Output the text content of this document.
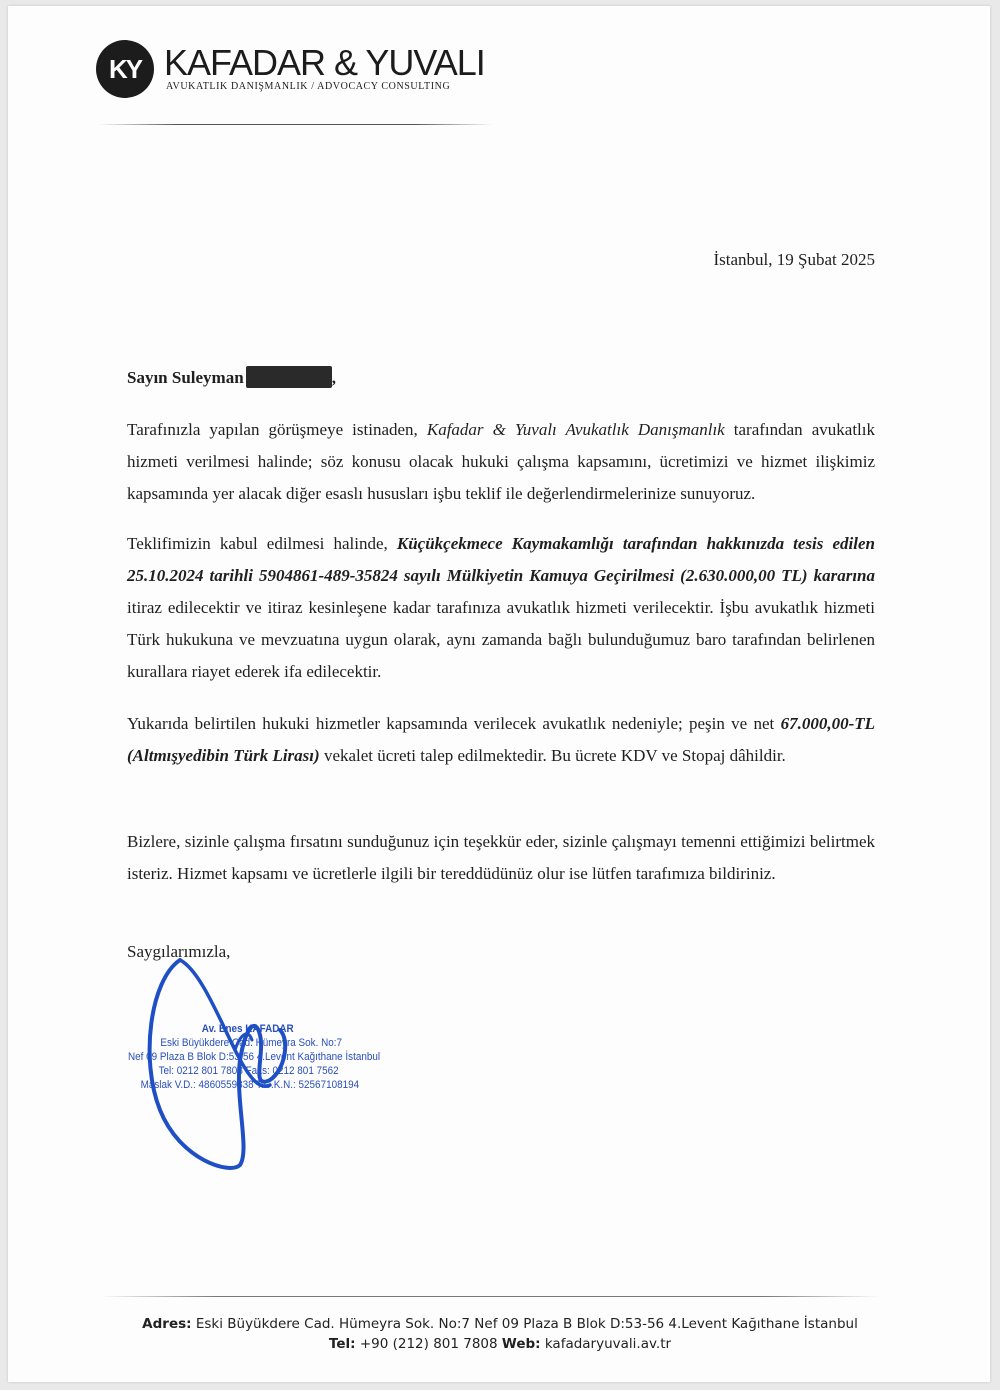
KY KAFADAR & YUVALI
AVUKATLIK DANIŞMANLIK / ADVOCACY CONSULTING
İstanbul, 19 Şubat 2025
Sayın Suleyman	,
Tarafınızla yapılan görüşmeye istinaden, Kafadar & Yuvalı Avukatlık Danışmanlık tarafından avukatlık hizmeti verilmesi halinde; söz konusu olacak hukuki çalışma kapsamını, ücretimizi ve hizmet ilişkimiz kapsamında yer alacak diğer esaslı hususları işbu teklif ile değerlendirmelerinize sunuyoruz.
Teklifimizin kabul edilmesi halinde, Küçükçekmece Kaymakamlığı tarafından hakkınızda tesis edilen 25.10.2024 tarihli 5904861-489-35824 sayılı Mülkiyetin Kamuya Geçirilmesi (2.630.000,00 TL) kararına itiraz edilecektir ve itiraz kesinleşene kadar tarafınıza avukatlık hizmeti verilecektir. İşbu avukatlık hizmeti Türk hukukuna ve mevzuatına uygun olarak, aynı zamanda bağlı bulunduğumuz baro tarafından belirlenen kurallara riayet ederek ifa edilecektir.
Yukarıda belirtilen hukuki hizmetler kapsamında verilecek avukatlık nedeniyle; peşin ve net 67.000,00-TL (Altmışyedibin Türk Lirası) vekalet ücreti talep edilmektedir. Bu ücrete KDV ve Stopaj dâhildir.
Bizlere, sizinle çalışma fırsatını sunduğunuz için teşekkür eder, sizinle çalışmayı temenni ettiğimizi belirtmek isteriz. Hizmet kapsamı ve ücretlerle ilgili bir tereddüdünüz olur ise lütfen tarafımıza bildiriniz.
Saygılarımızla,
Av. Enes KAFADAR
Eski Büyükdere Cad. Hümeyra Sok. No:7
Nef 09 Plaza B Blok D:53-56 4.Levent Kağıthane İstanbul
Tel: 0212 801 7808 Faks: 0212 801 7562
Maslak V.D.: 4860559838 T.C.K.N.: 52567108194
Adres: Eski Büyükdere Cad. Hümeyra Sok. No:7 Nef 09 Plaza B Blok D:53-56 4.Levent Kağıthane İstanbul
Tel: +90 (212) 801 7808 Web: kafadaryuvali.av.tr
